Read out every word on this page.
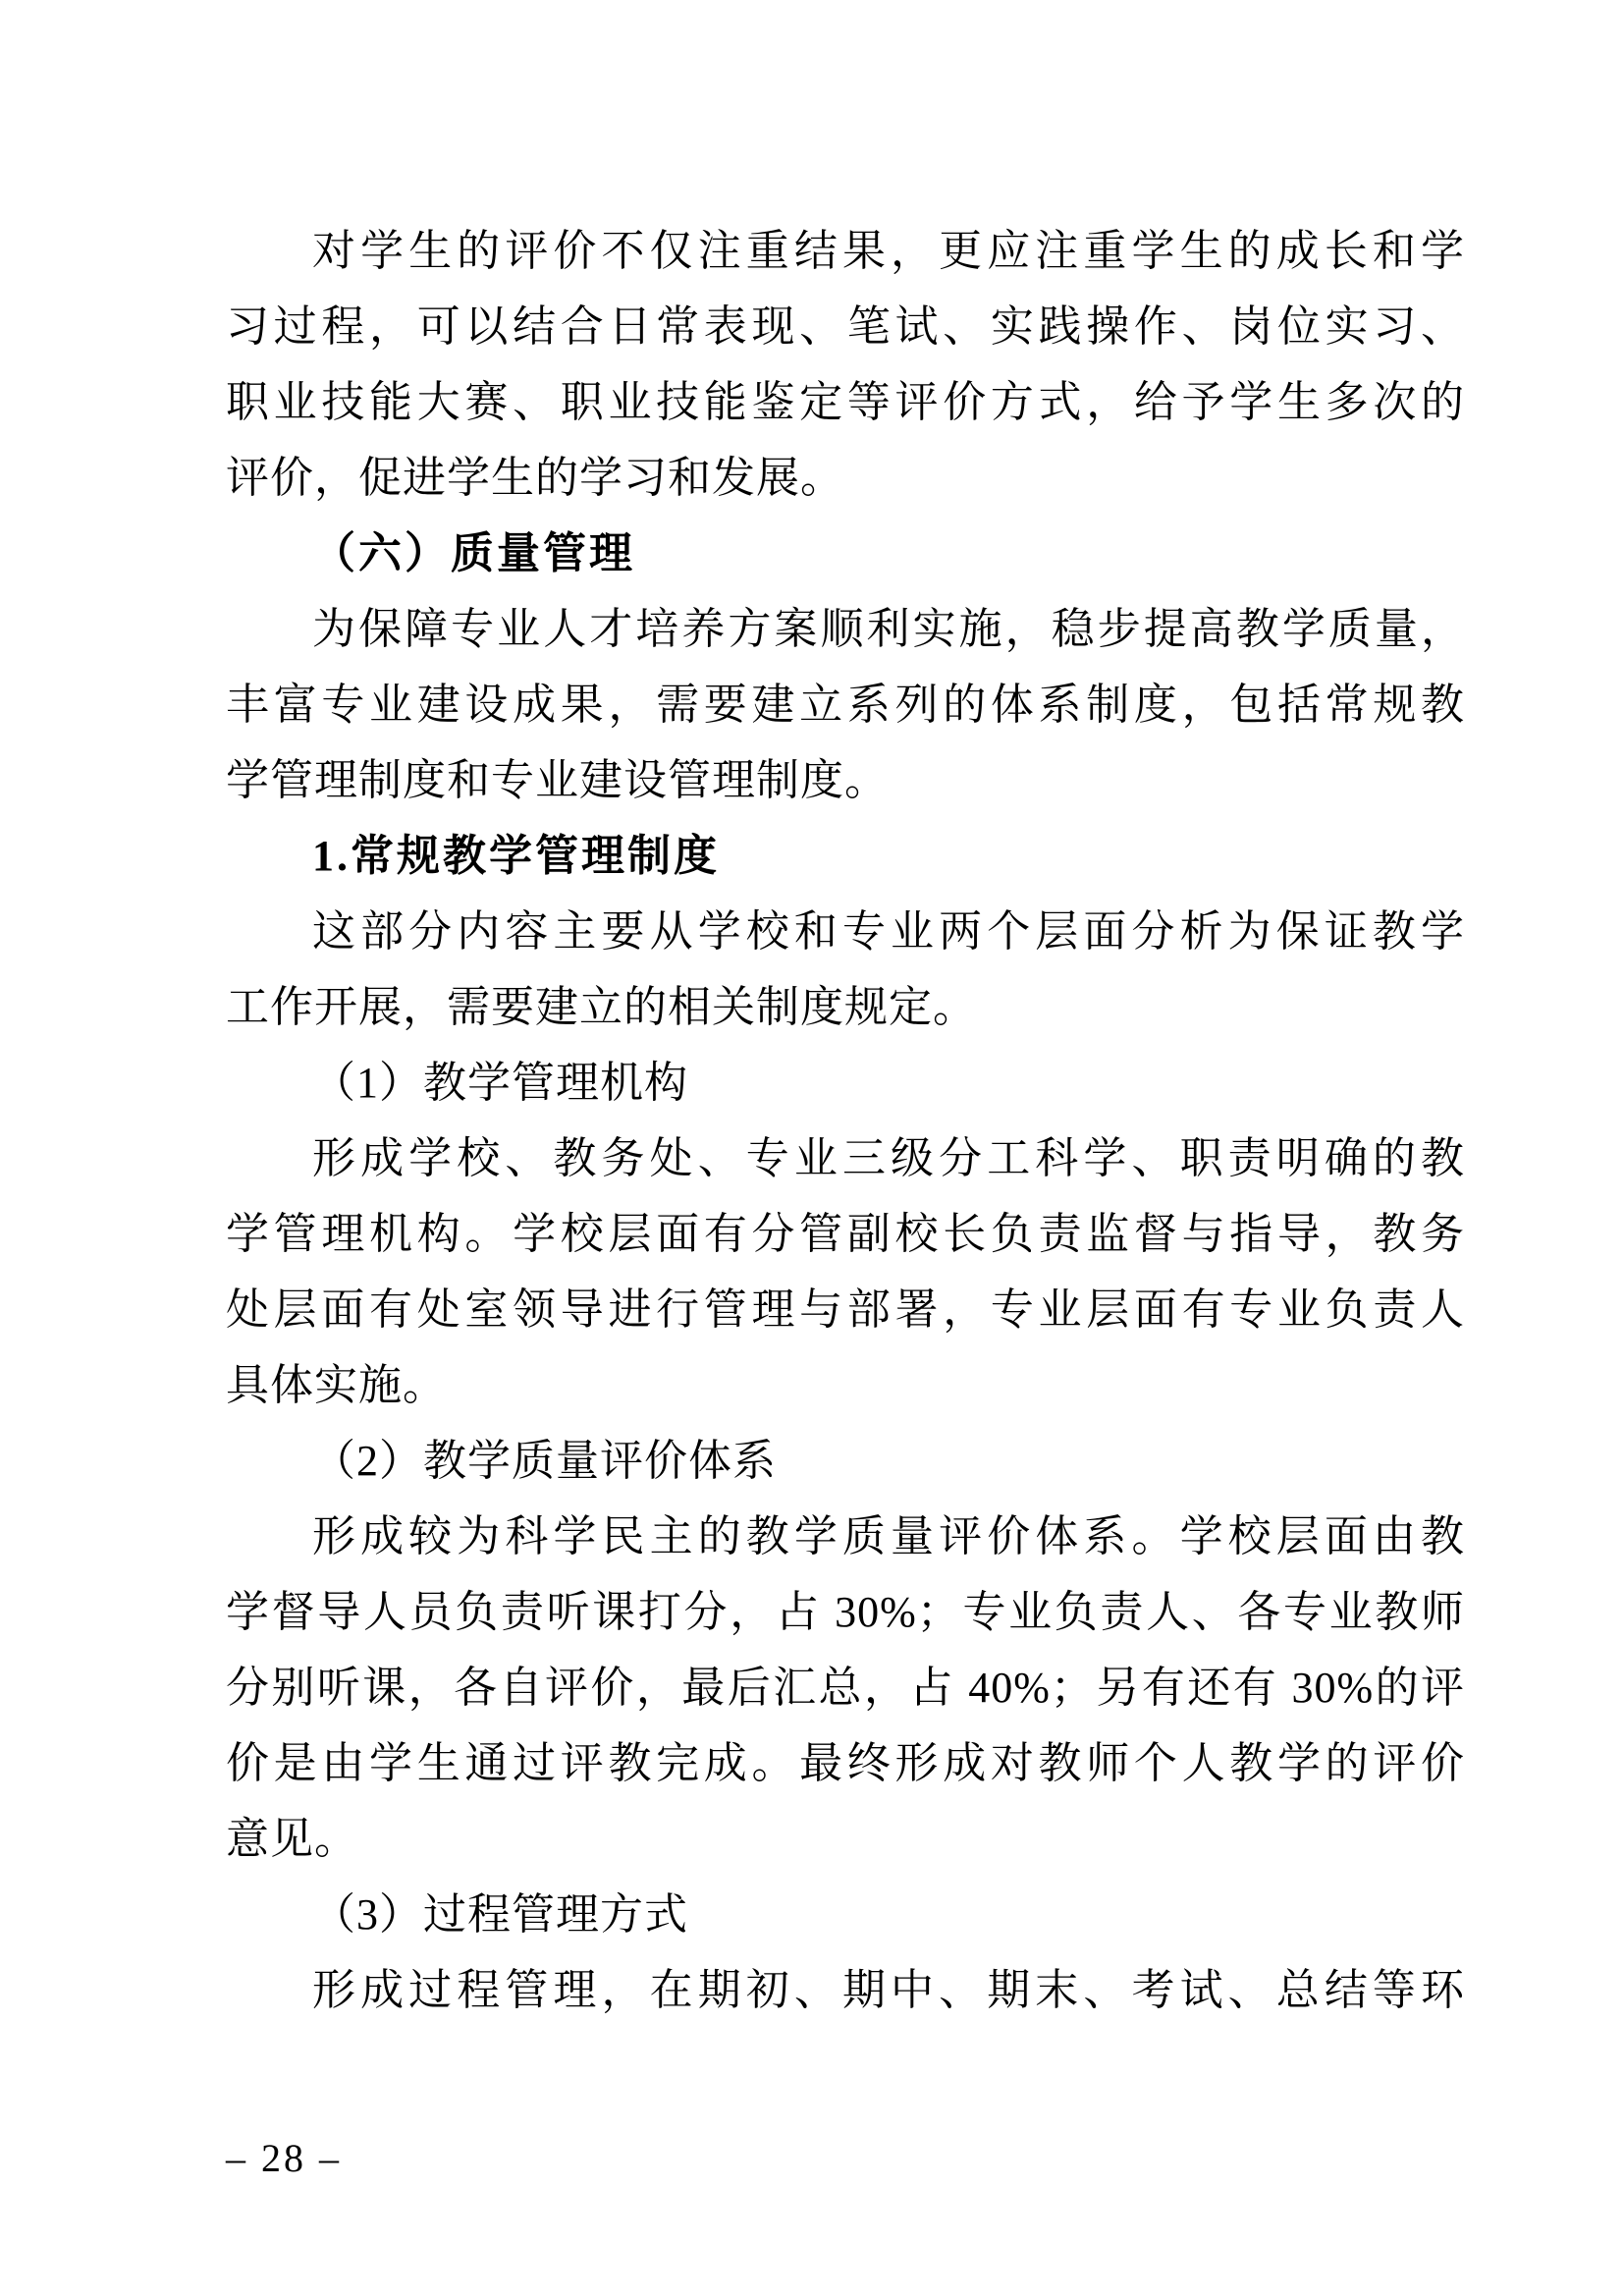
对学生的评价不仅注重结果，更应注重学生的成长和学
习过程，可以结合日常表现、笔试、实践操作、岗位实习、
职业技能大赛、职业技能鉴定等评价方式，给予学生多次的
评价，促进学生的学习和发展。
（六）质量管理
为保障专业人才培养方案顺利实施，稳步提高教学质量，
丰富专业建设成果，需要建立系列的体系制度，包括常规教
学管理制度和专业建设管理制度。
1.常规教学管理制度
这部分内容主要从学校和专业两个层面分析为保证教学
工作开展，需要建立的相关制度规定。
（1）教学管理机构
形成学校、教务处、专业三级分工科学、职责明确的教
学管理机构。学校层面有分管副校长负责监督与指导，教务
处层面有处室领导进行管理与部署，专业层面有专业负责人
具体实施。
（2）教学质量评价体系
形成较为科学民主的教学质量评价体系。学校层面由教
学督导人员负责听课打分，占 30%；专业负责人、各专业教师
分别听课，各自评价，最后汇总，占 40%；另有还有 30%的评
价是由学生通过评教完成。最终形成对教师个人教学的评价
意见。
（3）过程管理方式
形成过程管理，在期初、期中、期末、考试、总结等环
– 28 –
